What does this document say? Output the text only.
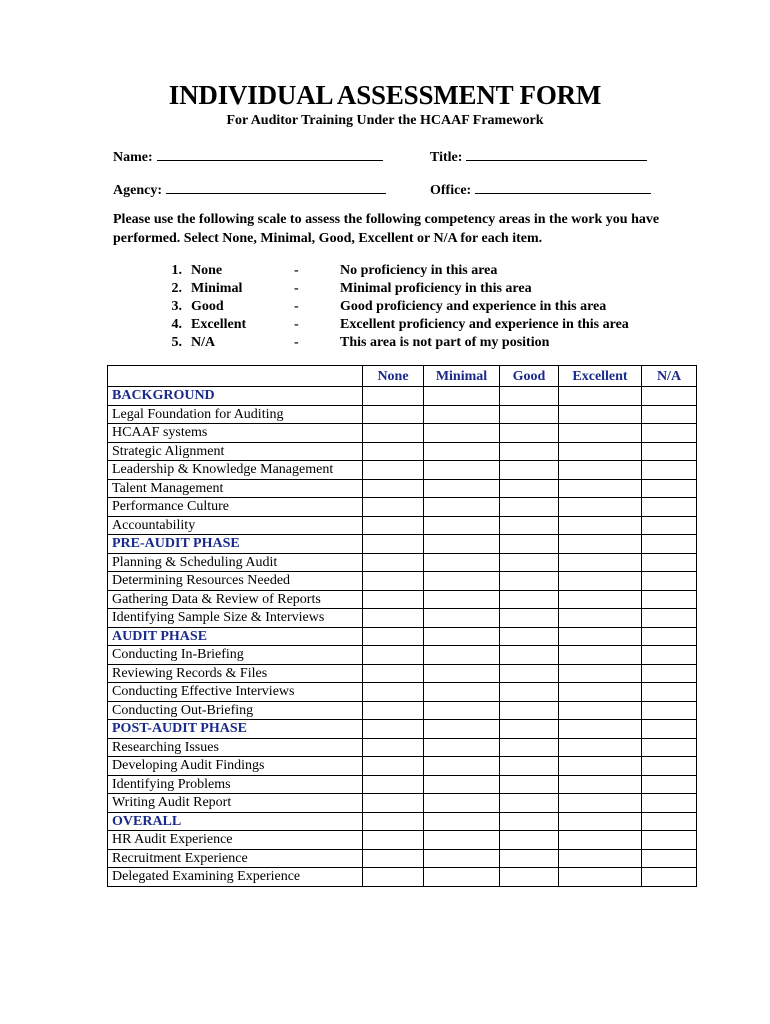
INDIVIDUAL ASSESSMENT FORM
For Auditor Training Under the HCAAF Framework
Name:	Title:
Agency:	Office:
Please use the following scale to assess the following competency areas in the work you have performed. Select None, Minimal, Good, Excellent or N/A for each item.
1. None	-	No proficiency in this area
2. Minimal	-	Minimal proficiency in this area
3. Good	-	Good proficiency and experience in this area
4. Excellent	-	Excellent proficiency and experience in this area
5. N/A	-	This area is not part of my position
	None	Minimal	Good	Excellent	N/A
BACKGROUND					
Legal Foundation for Auditing					
HCAAF systems					
Strategic Alignment					
Leadership & Knowledge Management					
Talent Management					
Performance Culture					
Accountability					
PRE-AUDIT PHASE					
Planning & Scheduling Audit					
Determining Resources Needed					
Gathering Data & Review of Reports					
Identifying Sample Size & Interviews					
AUDIT PHASE					
Conducting In-Briefing					
Reviewing Records & Files					
Conducting Effective Interviews					
Conducting Out-Briefing					
POST-AUDIT PHASE					
Researching Issues					
Developing Audit Findings					
Identifying Problems					
Writing Audit Report					
OVERALL					
HR Audit Experience					
Recruitment Experience					
Delegated Examining Experience					
